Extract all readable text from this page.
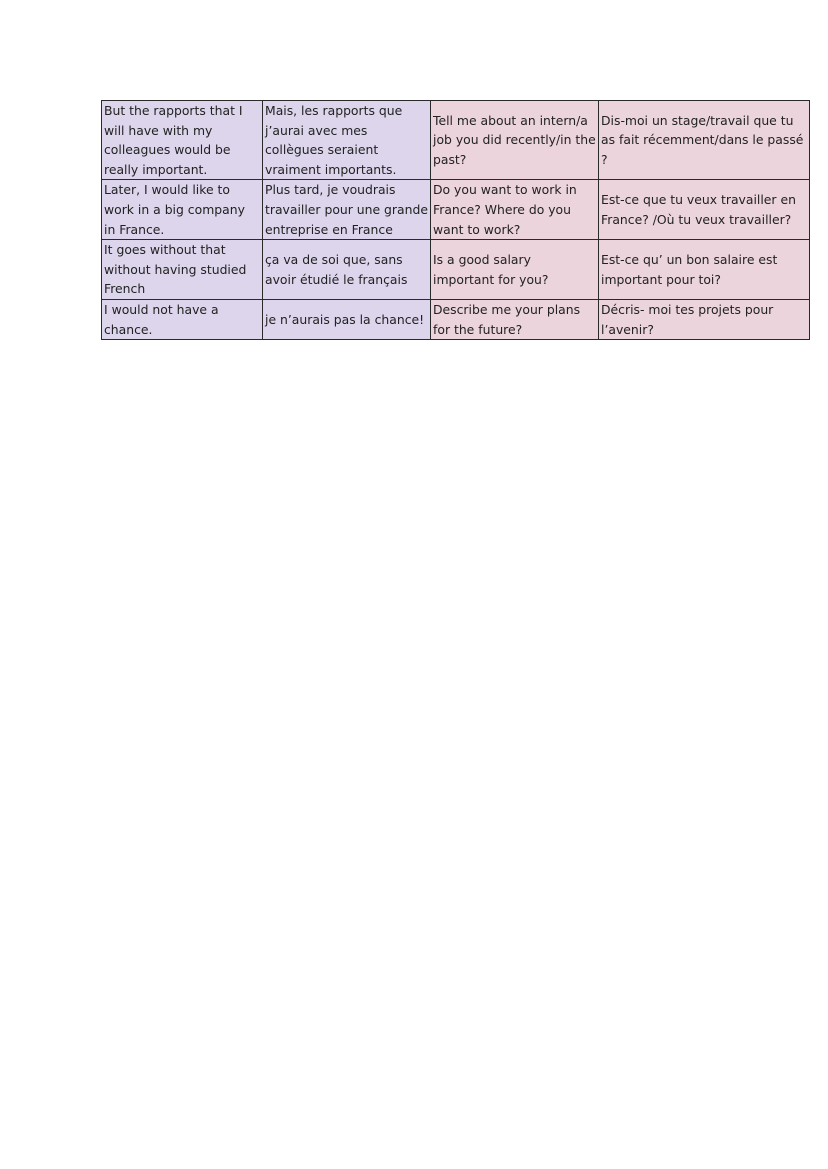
But the rapports that I will have with my colleagues would be really important.	Mais, les rapports que j’aurai avec mes collègues seraient vraiment importants.	Tell me about an intern/a job you did recently/in the past?	Dis-moi un stage/travail que tu as fait récemment/dans le passé ?
Later, I would like to work in a big company in France.	Plus tard, je voudrais travailler pour une grande entreprise en France	Do you want to work in France? Where do you want to work?	Est-ce que tu veux travailler en France? /Où tu veux travailler?
It goes without that without having studied French	ça va de soi que, sans avoir étudié le français	Is a good salary important for you?	Est-ce qu’ un bon salaire est important pour toi?
I would not have a chance.	je n’aurais pas la chance!	Describe me your plans for the future?	Décris- moi tes projets pour l’avenir?
